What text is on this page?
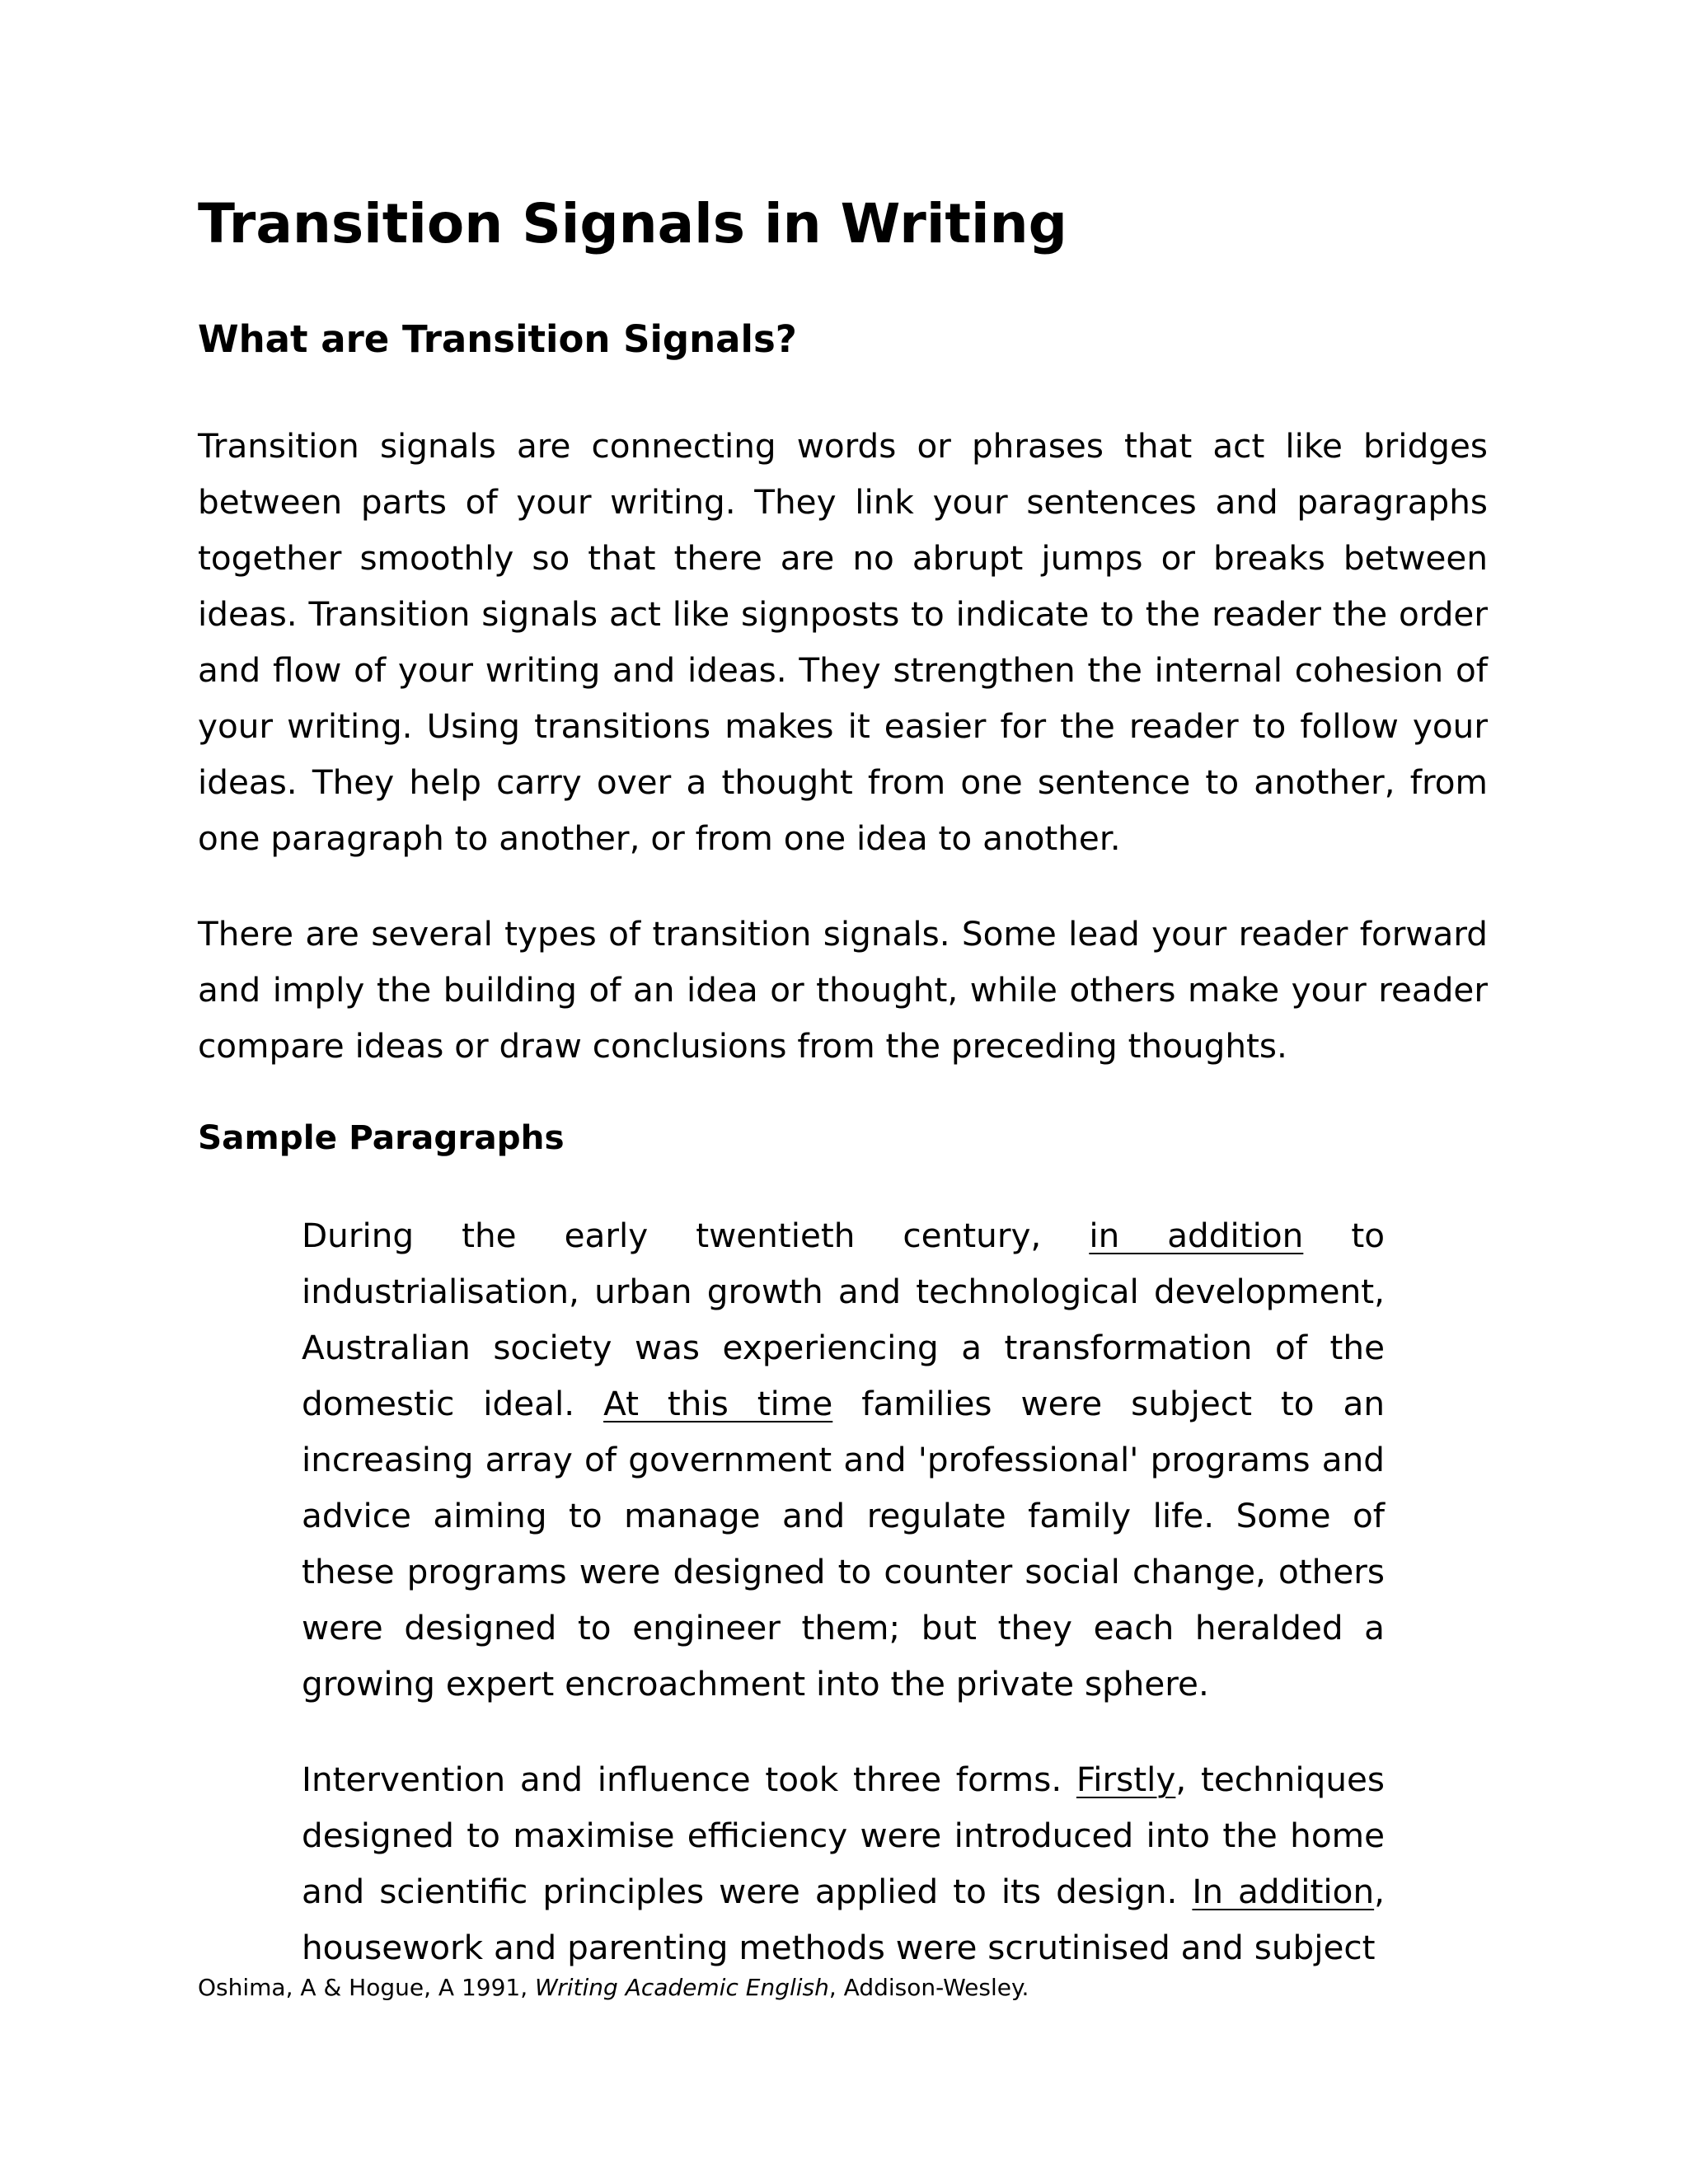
Transition Signals in Writing
What are Transition Signals?

Transition signals are connecting words or phrases that act like bridges between parts of your writing. They link your sentences and paragraphs together smoothly so that there are no abrupt jumps or breaks between ideas. Transition signals act like signposts to indicate to the reader the order and flow of your writing and ideas. They strengthen the internal cohesion of your writing. Using transitions makes it easier for the reader to follow your ideas. They help carry over a thought from one sentence to another, from one paragraph to another, or from one idea to another.

There are several types of transition signals. Some lead your reader forward and imply the building of an idea or thought, while others make your reader compare ideas or draw conclusions from the preceding thoughts.

Sample Paragraphs

During the early twentieth century, in addition to industrialisation, urban growth and technological development, Australian society was experiencing a transformation of the domestic ideal. At this time families were subject to an increasing array of government and 'professional' programs and advice aiming to manage and regulate family life. Some of these programs were designed to counter social change, others were designed to engineer them; but they each heralded a growing expert encroachment into the private sphere.

Intervention and influence took three forms. Firstly, techniques designed to maximise efficiency were introduced into the home and scientific principles were applied to its design. In addition, housework and parenting methods were scrutinised and subject

Oshima, A & Hogue, A 1991, Writing Academic English, Addison-Wesley.
